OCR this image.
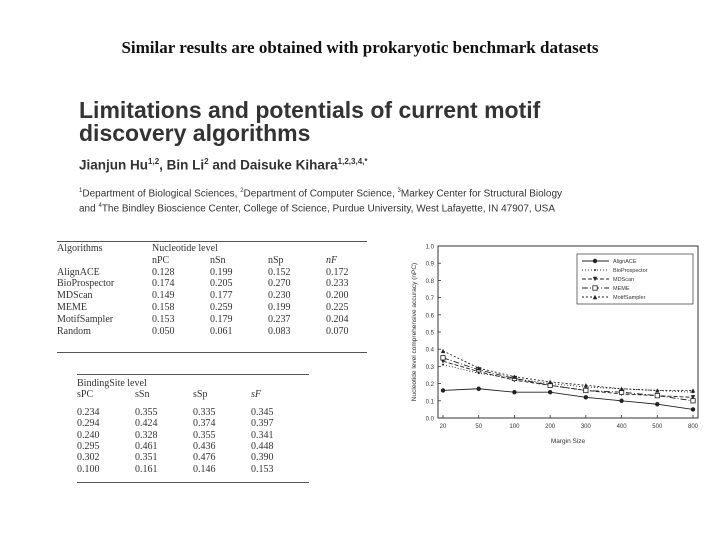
Similar results are obtained with prokaryotic benchmark datasets
Limitations and potentials of current motif
discovery algorithms
Jianjun Hu$^{1,2}$, Bin Li$^2$ and Daisuke Kihara$^{1,2,3,4,*}$
$^1$Department of Biological Sciences, $^2$Department of Computer Science, $^3$Markey Center for Structural Biology
and $^4$The Bindley Bioscience Center, College of Science, Purdue University, West Lafayette, IN 47907, USA
Algorithms	Nucleotide level			
	nPC	nSn	nSp	nF
AlignACE	0.128	0.199	0.152	0.172
BioProspector	0.174	0.205	0.270	0.233
MDScan	0.149	0.177	0.230	0.200
MEME	0.158	0.259	0.199	0.225
MotifSampler	0.153	0.179	0.237	0.204
Random	0.050	0.061	0.083	0.070
BindingSite level			
sPC	sSn	sSp	sF

0.234	0.355	0.335	0.345
0.294	0.424	0.374	0.397
0.240	0.328	0.355	0.341
0.295	0.461	0.436	0.448
0.302	0.351	0.476	0.390
0.100	0.161	0.146	0.153
0.0
0.1
0.2
0.3
0.4
0.5
0.6
0.7
0.8
0.9
1.0
20	50	100	200	300	400	500	800
Margin Size
Nucleotide level comprehensive accuracy (nPC)
AlignACE
BioProspector
MDScan
MEME
MotifSampler
